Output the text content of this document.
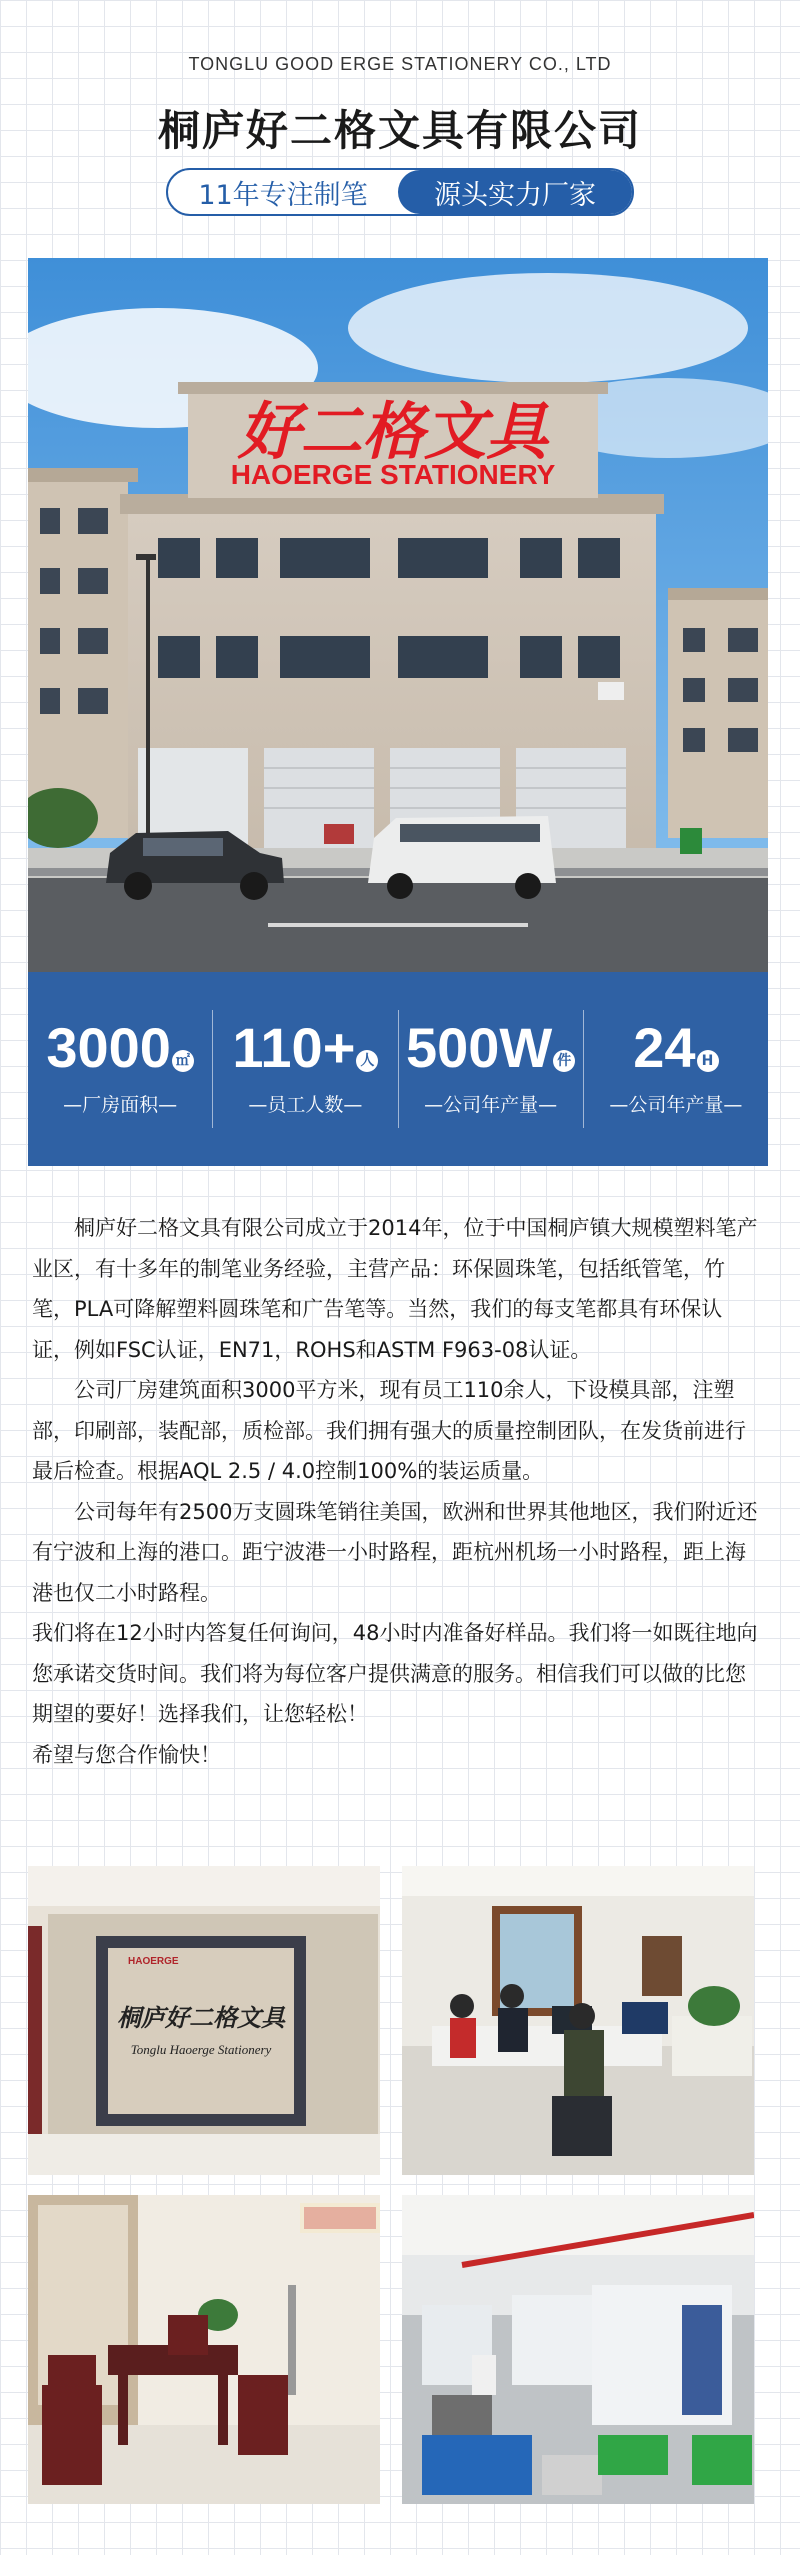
TONGLU GOOD ERGE STATIONERY CO., LTD
桐庐好二格文具有限公司
11年专注制笔	源头实力厂家
好二格文具
HAOERGE STATIONERY
3000 ㎡
—厂房面积—
110+ 人
—员工人数—
500W 件
—公司年产量—
24 H
—公司年产量—

桐庐好二格文具有限公司成立于2014年，位于中国桐庐镇大规模塑料笔产业区，有十多年的制笔业务经验，主营产品：环保圆珠笔，包括纸管笔，竹笔，PLA可降解塑料圆珠笔和广告笔等。当然，我们的每支笔都具有环保认证，例如FSC认证，EN71，ROHS和ASTM F963-08认证。

公司厂房建筑面积3000平方米，现有员工110余人，下设模具部，注塑部，印刷部，装配部，质检部。我们拥有强大的质量控制团队，在发货前进行最后检查。根据AQL 2.5 / 4.0控制100%的装运质量。

公司每年有2500万支圆珠笔销往美国，欧洲和世界其他地区，我们附近还有宁波和上海的港口。距宁波港一小时路程，距杭州机场一小时路程，距上海港也仅二小时路程。

我们将在12小时内答复任何询问，48小时内准备好样品。我们将一如既往地向您承诺交货时间。我们将为每位客户提供满意的服务。相信我们可以做的比您期望的要好！选择我们，让您轻松！

希望与您合作愉快！

HAOERGE
桐庐好二格文具
Tonglu Haoerge Stationery
